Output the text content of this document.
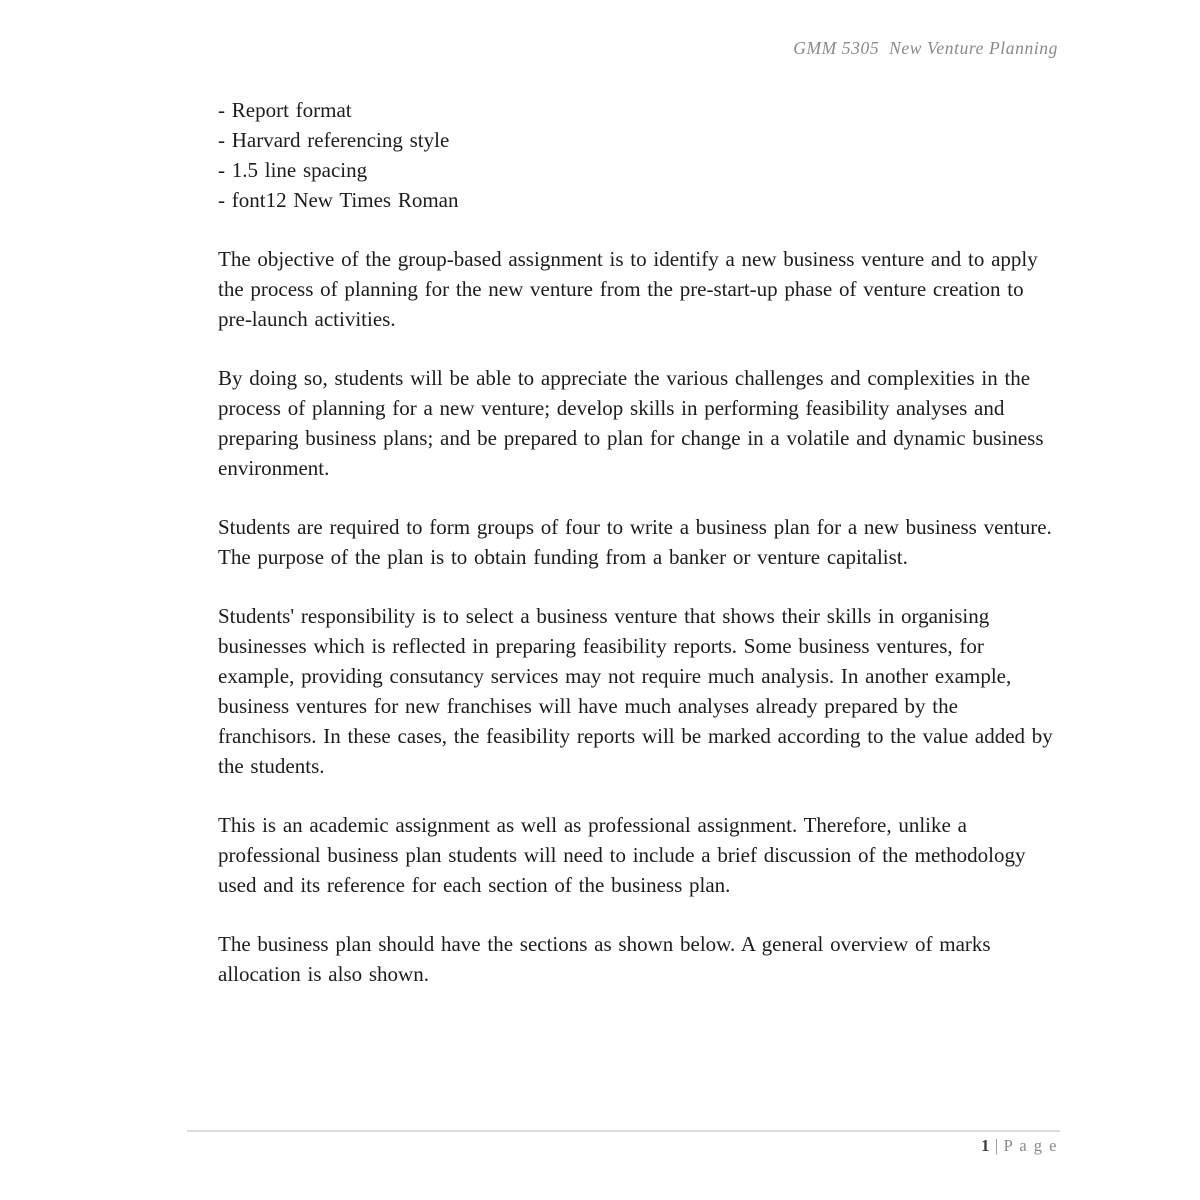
GMM 5305  New Venture Planning
- Report format
- Harvard referencing style
- 1.5 line spacing
- font12 New Times Roman
The objective of the group-based assignment is to identify a new business venture and to apply the process of planning for the new venture from the pre-start-up phase of venture creation to pre-launch activities.
By doing so, students will be able to appreciate the various challenges and complexities in the process of planning for a new venture; develop skills in performing feasibility analyses and preparing business plans; and be prepared to plan for change in a volatile and dynamic business environment.
Students are required to form groups of four to write a business plan for a new business venture. The purpose of the plan is to obtain funding from a banker or venture capitalist.
Students' responsibility is to select a business venture that shows their skills in organising businesses which is reflected in preparing feasibility reports. Some business ventures, for example, providing consutancy services may not require much analysis. In another example, business ventures for new franchises will have much analyses already prepared by the franchisors. In these cases, the feasibility reports will be marked according to the value added by the students.
This is an academic assignment as well as professional assignment. Therefore, unlike a professional business plan students will need to include a brief discussion of the methodology used and its reference for each section of the business plan.
The business plan should have the sections as shown below. A general overview of marks allocation is also shown.
1 | P a g e
